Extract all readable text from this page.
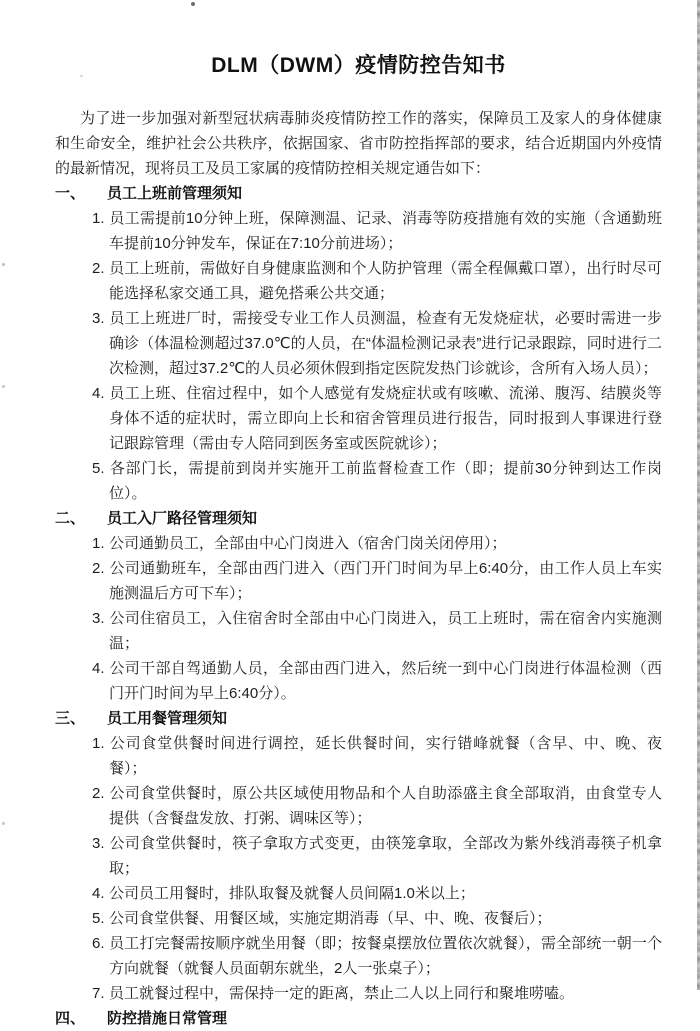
DLM（DWM）疫情防控告知书

为了进一步加强对新型冠状病毒肺炎疫情防控工作的落实，保障员工及家人的身体健康和生命安全，维护社会公共秩序，依据国家、省市防控指挥部的要求，结合近期国内外疫情的最新情况，现将员工及员工家属的疫情防控相关规定通告如下：

一、	员工上班前管理须知
1. 员工需提前10分钟上班，保障测温、记录、消毒等防疫措施有效的实施（含通勤班车提前10分钟发车，保证在7:10分前进场）；
2. 员工上班前，需做好自身健康监测和个人防护管理（需全程佩戴口罩），出行时尽可能选择私家交通工具，避免搭乘公共交通；
3. 员工上班进厂时，需接受专业工作人员测温，检查有无发烧症状，必要时需进一步确诊（体温检测超过37.0℃的人员，在“体温检测记录表”进行记录跟踪，同时进行二次检测，超过37.2℃的人员必须休假到指定医院发热门诊就诊，含所有入场人员）；
4. 员工上班、住宿过程中，如个人感觉有发烧症状或有咳嗽、流涕、腹泻、结膜炎等身体不适的症状时，需立即向上长和宿舍管理员进行报告，同时报到人事课进行登记跟踪管理（需由专人陪同到医务室或医院就诊）；
5. 各部门长，需提前到岗并实施开工前监督检查工作（即；提前30分钟到达工作岗位）。
二、	员工入厂路径管理须知
1. 公司通勤员工，全部由中心门岗进入（宿舍门岗关闭停用）；
2. 公司通勤班车，全部由西门进入（西门开门时间为早上6:40分，由工作人员上车实施测温后方可下车）；
3. 公司住宿员工，入住宿舍时全部由中心门岗进入，员工上班时，需在宿舍内实施测温；
4. 公司干部自驾通勤人员，全部由西门进入，然后统一到中心门岗进行体温检测（西门开门时间为早上6:40分）。
三、	员工用餐管理须知
1. 公司食堂供餐时间进行调控，延长供餐时间，实行错峰就餐（含早、中、晚、夜餐）；
2. 公司食堂供餐时，原公共区域使用物品和个人自助添盛主食全部取消，由食堂专人提供（含餐盘发放、打粥、调味区等）；
3. 公司食堂供餐时，筷子拿取方式变更，由筷笼拿取，全部改为紫外线消毒筷子机拿取；
4. 公司员工用餐时，排队取餐及就餐人员间隔1.0米以上；
5. 公司食堂供餐、用餐区域，实施定期消毒（早、中、晚、夜餐后）；
6. 员工打完餐需按顺序就坐用餐（即；按餐桌摆放位置依次就餐），需全部统一朝一个方向就餐（就餐人员面朝东就坐，2人一张桌子）；
7. 员工就餐过程中，需保持一定的距离，禁止二人以上同行和聚堆唠嗑。
四、	防控措施日常管理
